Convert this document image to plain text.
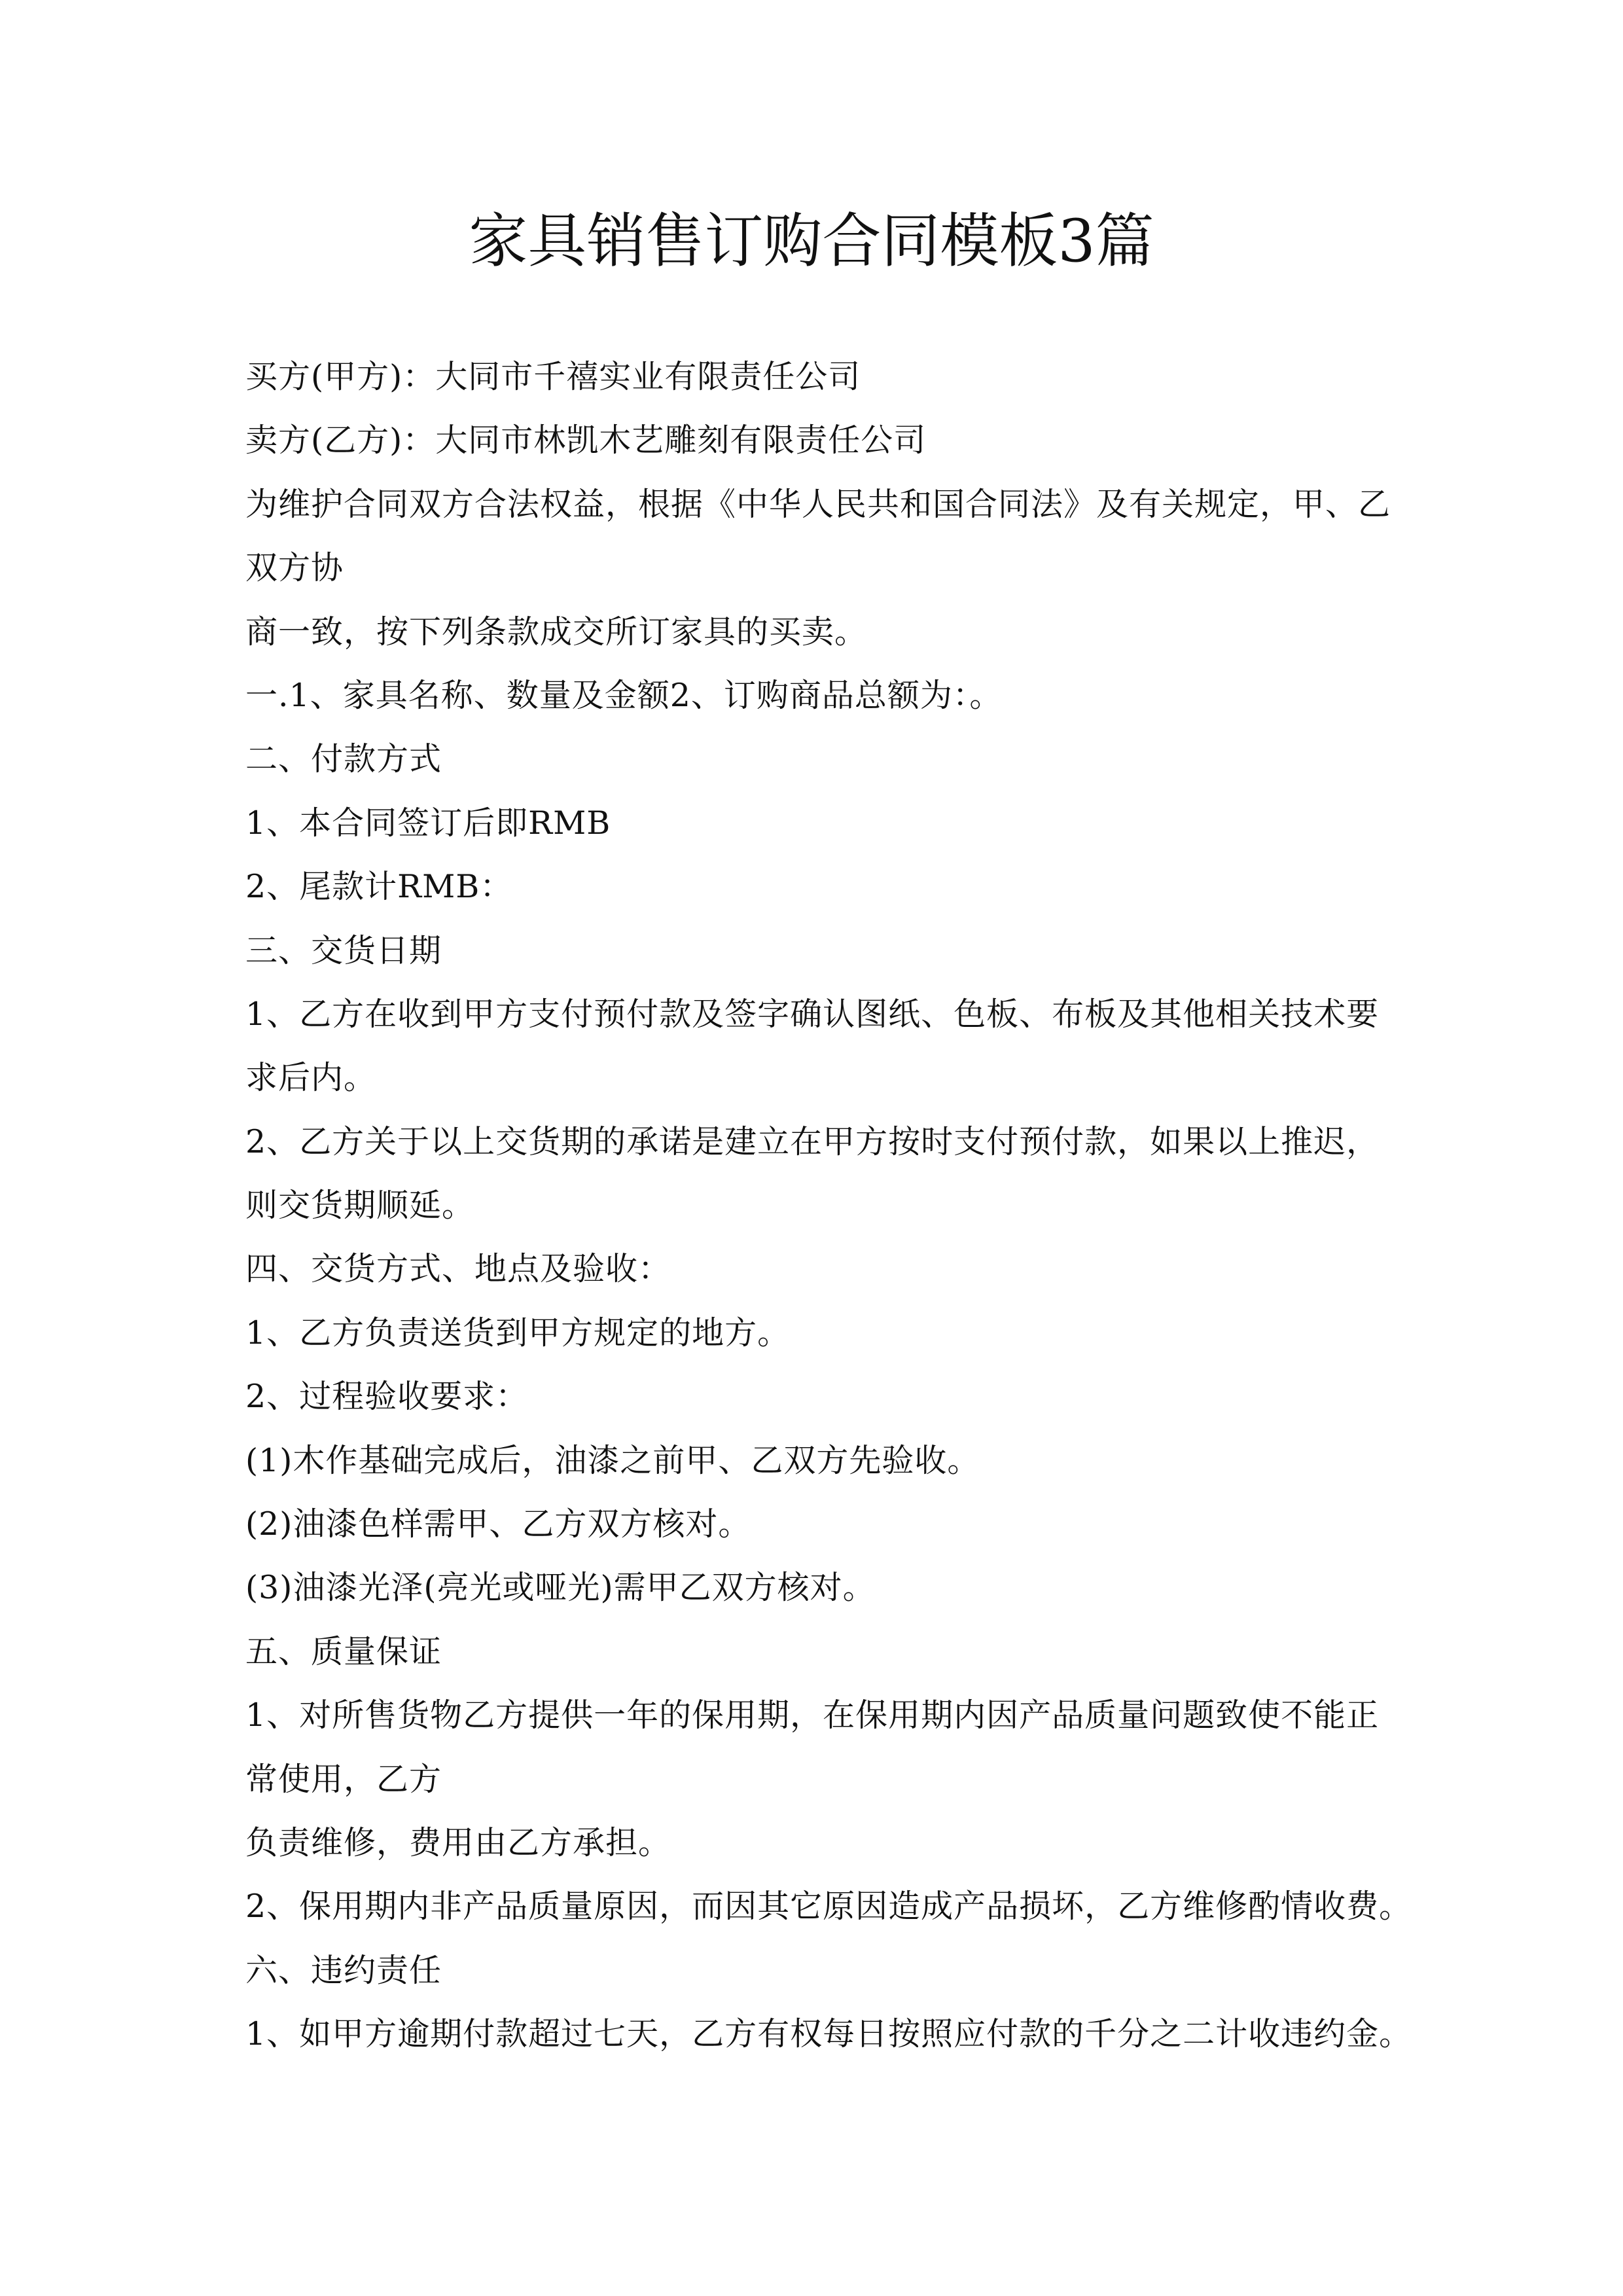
家具销售订购合同模板3篇
买方(甲方)：大同市千禧实业有限责任公司
卖方(乙方)：大同市林凯木艺雕刻有限责任公司
为维护合同双方合法权益，根据《中华人民共和国合同法》及有关规定，甲、乙
双方协
商一致，按下列条款成交所订家具的买卖。
一.1、家具名称、数量及金额2、订购商品总额为：。
二、付款方式
1、本合同签订后即RMB
2、尾款计RMB：
三、交货日期
1、乙方在收到甲方支付预付款及签字确认图纸、色板、布板及其他相关技术要
求后内。
2、乙方关于以上交货期的承诺是建立在甲方按时支付预付款，如果以上推迟，
则交货期顺延。
四、交货方式、地点及验收：
1、乙方负责送货到甲方规定的地方。
2、过程验收要求：
(1)木作基础完成后，油漆之前甲、乙双方先验收。
(2)油漆色样需甲、乙方双方核对。
(3)油漆光泽(亮光或哑光)需甲乙双方核对。
五、质量保证
1、对所售货物乙方提供一年的保用期，在保用期内因产品质量问题致使不能正
常使用，乙方
负责维修，费用由乙方承担。
2、保用期内非产品质量原因，而因其它原因造成产品损坏，乙方维修酌情收费。
六、违约责任
1、如甲方逾期付款超过七天，乙方有权每日按照应付款的千分之二计收违约金。
